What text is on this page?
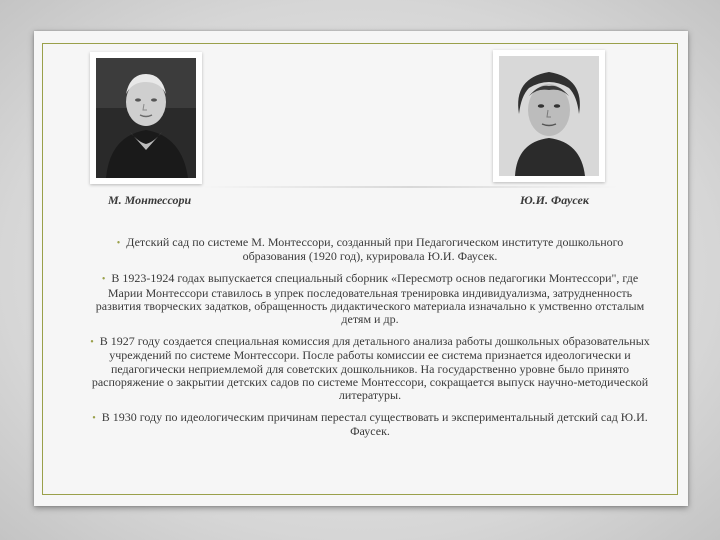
М. Монтессори	Ю.И. Фаусек
• Детский сад по системе М. Монтессори, созданный при Педагогическом институте дошкольного образования (1920 год), курировала Ю.И. Фаусек.
• В 1923-1924 годах выпускается специальный сборник «Пересмотр основ педагогики Монтессори", где Марии Монтессори ставилось в упрек последовательная тренировка индивидуализма, затрудненность развития творческих задатков, обращенность дидактического материала изначально к умственно отсталым детям и др.
• В 1927 году создается специальная комиссия для детального анализа работы дошкольных образовательных учреждений по системе Монтессори. После работы комиссии ее система признается идеологически и педагогически неприемлемой для советских дошкольников. На государственно уровне было принято распоряжение о закрытии детских садов по системе Монтессори, сокращается выпуск научно-методической литературы.
• В 1930 году по идеологическим причинам перестал существовать и экспериментальный детский сад Ю.И. Фаусек.
